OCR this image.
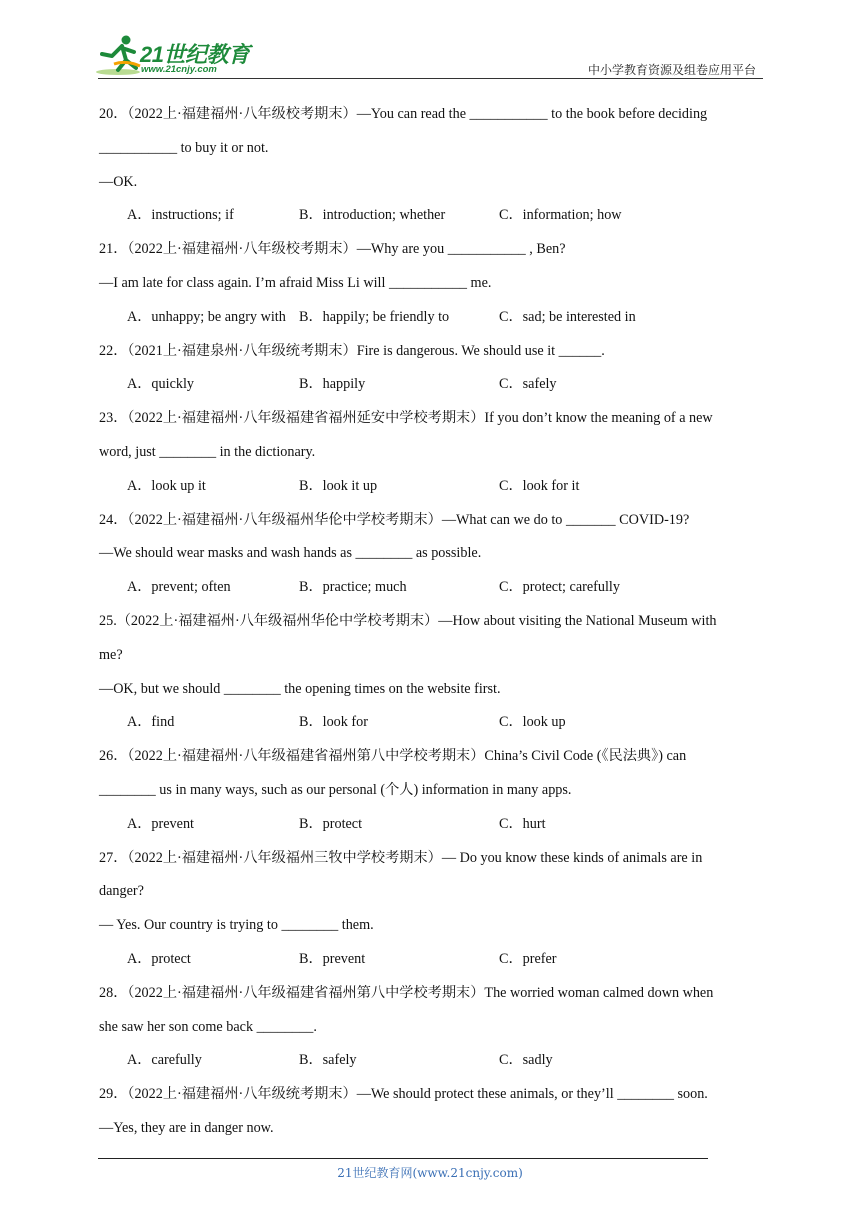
21世纪教育
www.21cnjy.com	中小学教育资源及组卷应用平台
20．（2022上·福建福州·八年级校考期末）—You can read the ___________ to the book before deciding
___________ to buy it or not.
—OK.
A．instructions; if	B．introduction; whether	C．information; how
21．（2022上·福建福州·八年级校考期末）—Why are you ___________ , Ben?
—I am late for class again. I’m afraid Miss Li will ___________ me.
A．unhappy; be angry with B．happily; be friendly to	C．sad; be interested in
22．（2021上·福建泉州·八年级统考期末）Fire is dangerous. We should use it ______.
A．quickly	B．happily	C．safely
23．（2022上·福建福州·八年级福建省福州延安中学校考期末）If you don’t know the meaning of a new
word, just ________ in the dictionary.
A．look up it	B．look it up	C．look for it
24．（2022上·福建福州·八年级福州华伦中学校考期末）—What can we do to _______ COVID-19?
—We should wear masks and wash hands as ________ as possible.
A．prevent; often	B．practice; much	C．protect; carefully
25.（2022上·福建福州·八年级福州华伦中学校考期末）—How about visiting the National Museum with
me?
—OK, but we should ________ the opening times on the website first.
A．find	B．look for	C．look up
26．（2022上·福建福州·八年级福建省福州第八中学校考期末）China’s Civil Code (《民法典》) can
________ us in many ways, such as our personal (个人) information in many apps.
A．prevent	B．protect	C．hurt
27．（2022上·福建福州·八年级福州三牧中学校考期末）— Do you know these kinds of animals are in
danger?
— Yes. Our country is trying to ________ them.
A．protect	B．prevent	C．prefer
28．（2022上·福建福州·八年级福建省福州第八中学校考期末）The worried woman calmed down when
she saw her son come back ________.
A．carefully	B．safely	C．sadly
29．（2022上·福建福州·八年级统考期末）—We should protect these animals, or they’ll ________ soon.
—Yes, they are in danger now.
21世纪教育网(www.21cnjy.com)
